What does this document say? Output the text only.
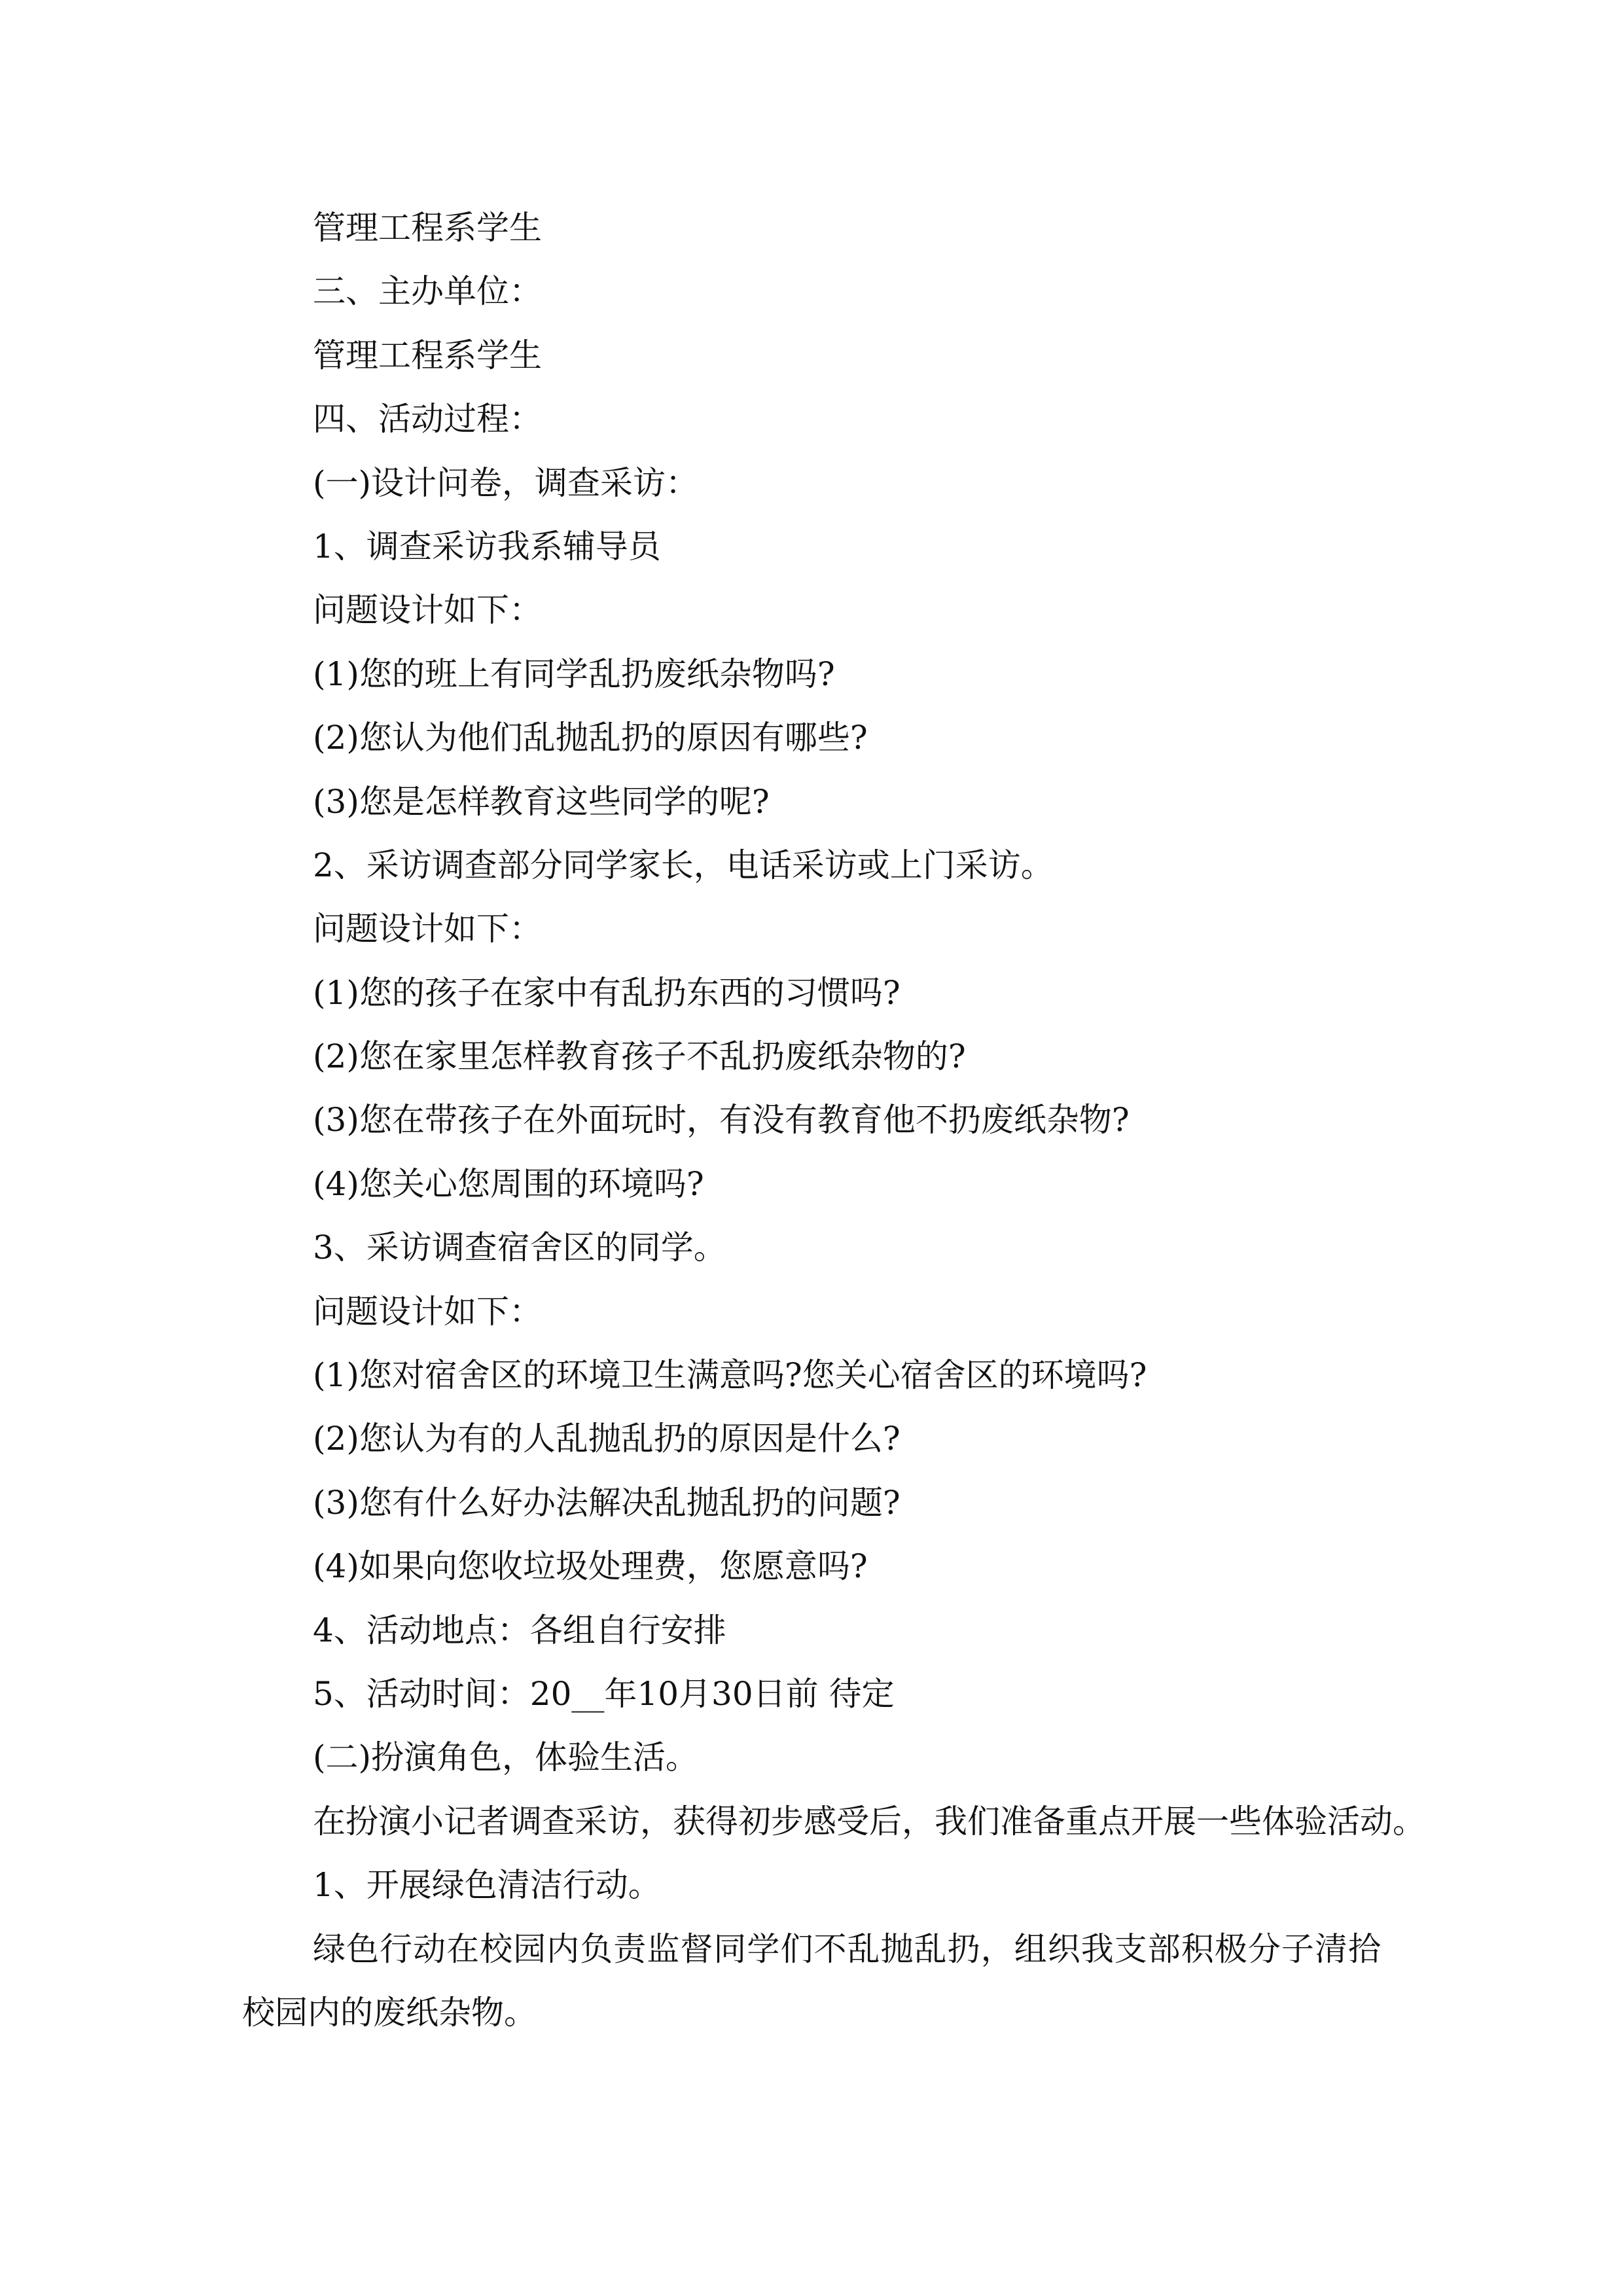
管理工程系学生
三、主办单位：
管理工程系学生
四、活动过程：
(一)设计问卷，调查采访：
1、调查采访我系辅导员
问题设计如下：
(1)您的班上有同学乱扔废纸杂物吗?
(2)您认为他们乱抛乱扔的原因有哪些?
(3)您是怎样教育这些同学的呢?
2、采访调查部分同学家长，电话采访或上门采访。
问题设计如下：
(1)您的孩子在家中有乱扔东西的习惯吗?
(2)您在家里怎样教育孩子不乱扔废纸杂物的?
(3)您在带孩子在外面玩时，有没有教育他不扔废纸杂物?
(4)您关心您周围的环境吗?
3、采访调查宿舍区的同学。
问题设计如下：
(1)您对宿舍区的环境卫生满意吗?您关心宿舍区的环境吗?
(2)您认为有的人乱抛乱扔的原因是什么?
(3)您有什么好办法解决乱抛乱扔的问题?
(4)如果向您收垃圾处理费，您愿意吗?
4、活动地点：各组自行安排
5、活动时间：20__年10月30日前 待定
(二)扮演角色，体验生活。
在扮演小记者调查采访，获得初步感受后，我们准备重点开展一些体验活动。
1、开展绿色清洁行动。
绿色行动在校园内负责监督同学们不乱抛乱扔，组织我支部积极分子清拾校园内的废纸杂物。
